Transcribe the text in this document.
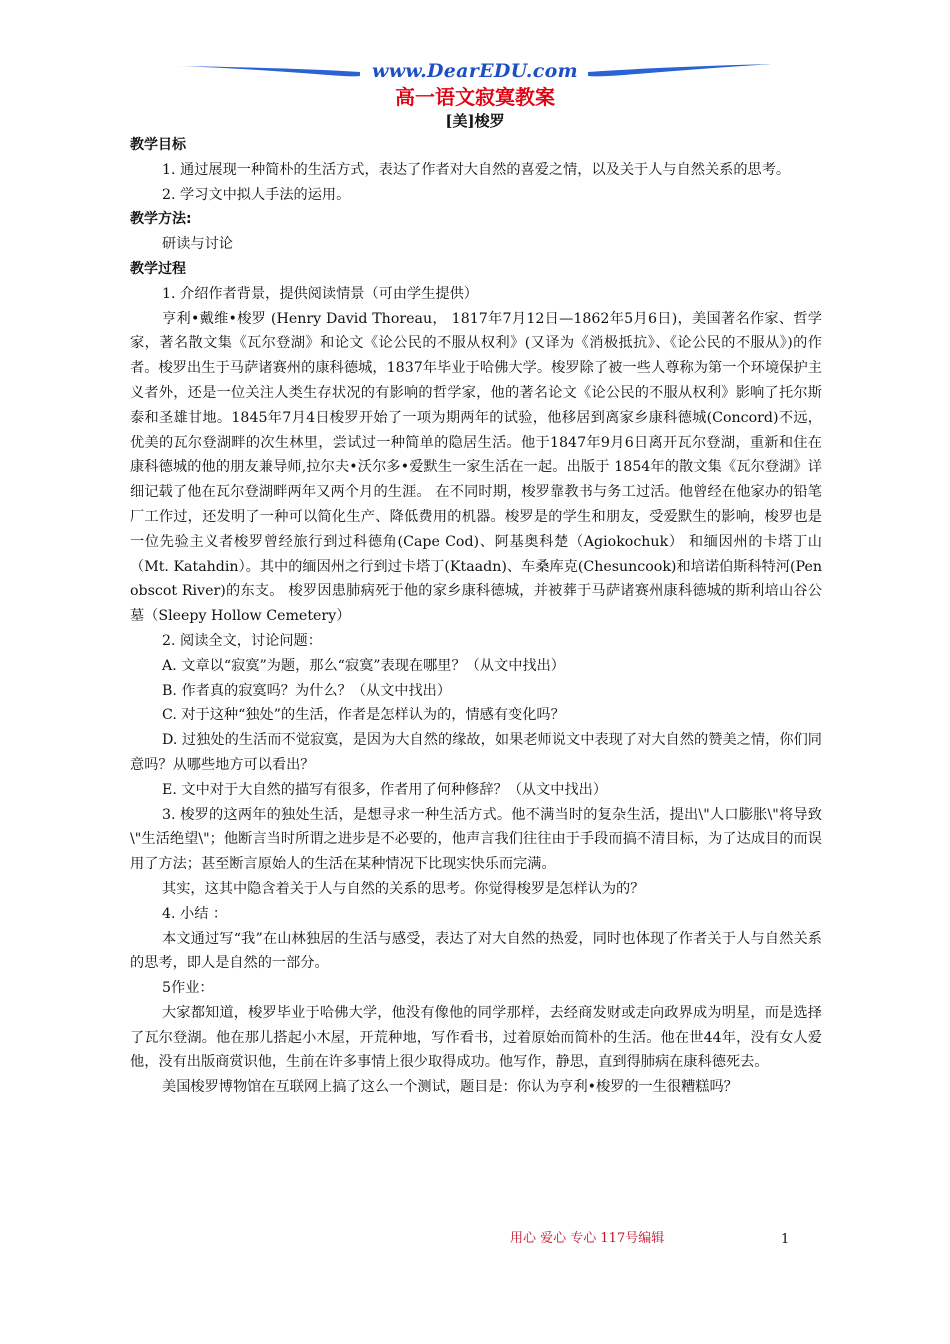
www.DearEDU.com
高一语文寂寞教案
[美]梭罗

教学目标

1. 通过展现一种简朴的生活方式，表达了作者对大自然的喜爱之情，以及关于人与自然关系的思考。

2. 学习文中拟人手法的运用。

教学方法:

研读与讨论

教学过程

1. 介绍作者背景，提供阅读情景（可由学生提供）

亨利•戴维•梭罗 (Henry David Thoreau， 1817年7月12日—1862年5月6日)，美国著名作家、哲学家，著名散文集《瓦尔登湖》和论文《论公民的不服从权利》(又译为《消极抵抗》、《论公民的不服从》)的作者。梭罗出生于马萨诸赛州的康科德城，1837年毕业于哈佛大学。梭罗除了被一些人尊称为第一个环境保护主义者外，还是一位关注人类生存状况的有影响的哲学家，他的著名论文《论公民的不服从权利》影响了托尔斯泰和圣雄甘地。1845年7月4日梭罗开始了一项为期两年的试验，他移居到离家乡康科德城(Concord)不远，优美的瓦尔登湖畔的次生林里，尝试过一种简单的隐居生活。他于1847年9月6日离开瓦尔登湖，重新和住在康科德城的他的朋友兼导师,拉尔夫•沃尔多•爱默生一家生活在一起。出版于 1854年的散文集《瓦尔登湖》详细记载了他在瓦尔登湖畔两年又两个月的生涯。 在不同时期，梭罗靠教书与务工过活。他曾经在他家办的铅笔厂工作过，还发明了一种可以简化生产、降低费用的机器。梭罗是的学生和朋友，受爱默生的影响，梭罗也是一位先验主义者梭罗曾经旅行到过科德角(Cape Cod)、阿基奥科楚（Agiokochuk） 和缅因州的卡塔丁山（Mt. Katahdin）。其中的缅因州之行到过卡塔丁(Ktaadn)、车桑库克(Chesuncook)和培诺伯斯科特河(Penobscot River)的东支。 梭罗因患肺病死于他的家乡康科德城，并被葬于马萨诸赛州康科德城的斯利培山谷公墓（Sleepy Hollow Cemetery）

2. 阅读全文，讨论问题：

A. 文章以“寂寞”为题，那么“寂寞”表现在哪里？（从文中找出）

B. 作者真的寂寞吗？为什么？（从文中找出）

C. 对于这种“独处”的生活，作者是怎样认为的，情感有变化吗？

D. 过独处的生活而不觉寂寞，是因为大自然的缘故，如果老师说文中表现了对大自然的赞美之情，你们同意吗？从哪些地方可以看出？

E. 文中对于大自然的描写有很多，作者用了何种修辞？（从文中找出）

3. 梭罗的这两年的独处生活，是想寻求一种生活方式。他不满当时的复杂生活，提出\"人口膨胀\"将导致\"生活绝望\"；他断言当时所谓之进步是不必要的，他声言我们往往由于手段而搞不清目标，为了达成目的而误用了方法；甚至断言原始人的生活在某种情况下比现实快乐而完满。

其实，这其中隐含着关于人与自然的关系的思考。你觉得梭罗是怎样认为的？

4. 小结 ：

本文通过写“我”在山林独居的生活与感受，表达了对大自然的热爱，同时也体现了作者关于人与自然关系的思考，即人是自然的一部分。

5作业：

大家都知道，梭罗毕业于哈佛大学，他没有像他的同学那样，去经商发财或走向政界成为明星，而是选择了瓦尔登湖。他在那儿搭起小木屋，开荒种地，写作看书，过着原始而简朴的生活。他在世44年，没有女人爱他，没有出版商赏识他，生前在许多事情上很少取得成功。他写作，静思，直到得肺病在康科德死去。

美国梭罗博物馆在互联网上搞了这么一个测试，题目是：你认为亨利•梭罗的一生很糟糕吗？

用心 爱心 专心 117号编辑	1
